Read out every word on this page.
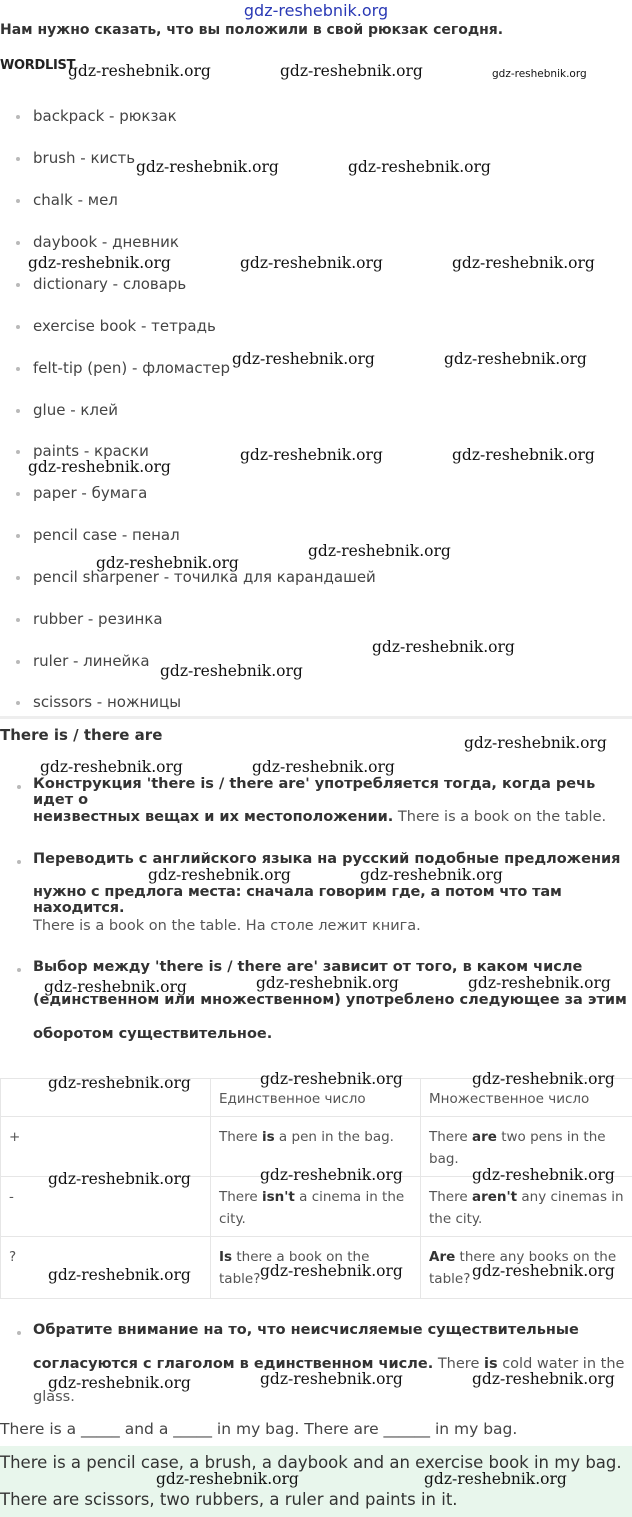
gdz-reshebnik.org
Нам нужно сказать, что вы положили в свой рюкзак сегодня.
WORDLIST
backpack - рюкзак
brush - кисть
chalk - мел
daybook - дневник
dictionary - словарь
exercise book - тетрадь
felt-tip (pen) - фломастер
glue - клей
paints - краски
paper - бумага
pencil case - пенал
pencil sharpener - точилка для карандашей
rubber - резинка
ruler - линейка
scissors - ножницы
There is / there are
Конструкция 'there is / there are' употребляется тогда, когда речь идет о
неизвестных вещах и их местоположении. There is a book on the table.
Переводить с английского языка на русский подобные предложения
нужно с предлога места: сначала говорим где, а потом что там находится.
There is a book on the table. На столе лежит книга.
Выбор между 'there is / there are' зависит от того, в каком числе
(единственном или множественном) употреблено следующее за этим
оборотом существительное.
	Единственное число	Множественное число
+	There is a pen in the bag.	There are two pens in the bag.
-	There isn't a cinema in the city.	There aren't any cinemas in the city.
?	Is there a book on the table?	Are there any books on the table?
Обратите внимание на то, что неисчисляемые существительные
согласуются с глаголом в единственном числе. There is cold water in the
glass.
There is a _____ and a _____ in my bag. There are ______ in my bag.
There is a pencil case, a brush, a daybook and an exercise book in my bag.
There are scissors, two rubbers, a ruler and paints in it.
gdz-reshebnik.org	gdz-reshebnik.org	gdz-reshebnik.org
gdz-reshebnik.org	gdz-reshebnik.org
gdz-reshebnik.org	gdz-reshebnik.org	gdz-reshebnik.org
gdz-reshebnik.org	gdz-reshebnik.org
gdz-reshebnik.org	gdz-reshebnik.org
gdz-reshebnik.org
gdz-reshebnik.org
gdz-reshebnik.org
gdz-reshebnik.org
gdz-reshebnik.org
gdz-reshebnik.org
gdz-reshebnik.org	gdz-reshebnik.org
gdz-reshebnik.org	gdz-reshebnik.org
gdz-reshebnik.org
gdz-reshebnik.org	gdz-reshebnik.org
gdz-reshebnik.org	gdz-reshebnik.org
gdz-reshebnik.org
gdz-reshebnik.org	gdz-reshebnik.org
gdz-reshebnik.org
gdz-reshebnik.org	gdz-reshebnik.org
gdz-reshebnik.org
gdz-reshebnik.org	gdz-reshebnik.org
gdz-reshebnik.org
gdz-reshebnik.org	gdz-reshebnik.org
